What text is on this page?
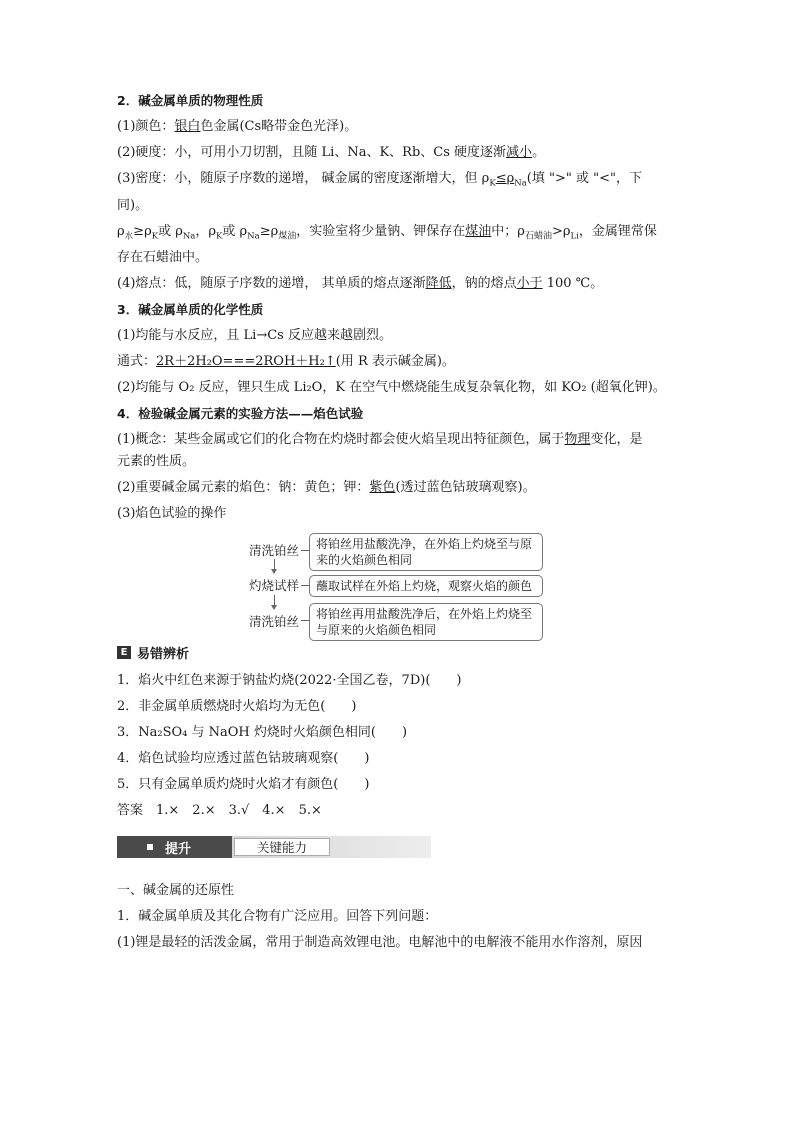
2．碱金属单质的物理性质
(1)颜色：银白色金属(Cs略带金色光泽)。
(2)硬度：小，可用小刀切割，且随 Li、Na、K、Rb、Cs 硬度逐渐减小。
(3)密度：小，随原子序数的递增， 碱金属的密度逐渐增大，但 $\rho_K\le\rho_{Na}$(填 ">" 或 "<"，下
同)。
$\rho_水\ge\rho_K$或 $\rho_{Na}$，$\rho_K$或 $\rho_{Na}\ge\rho_{煤油}$，实验室将少量钠、钾保存在煤油中；$\rho_{石蜡油}>\rho_{Li}$，金属锂常保
存在石蜡油中。
(4)熔点：低，随原子序数的递增， 其单质的熔点逐渐降低，钠的熔点小于 100 ℃。
3．碱金属单质的化学性质
(1)均能与水反应，且 Li→Cs 反应越来越剧烈。
通式：2R＋2H₂O===2ROH＋H₂↑(用 R 表示碱金属)。
(2)均能与 O₂ 反应，锂只生成 Li₂O，K 在空气中燃烧能生成复杂氧化物，如 KO₂ (超氧化钾)。
4．检验碱金属元素的实验方法——焰色试验
(1)概念：某些金属或它们的化合物在灼烧时都会使火焰呈现出特征颜色，属于物理变化，是
元素的性质。
(2)重要碱金属元素的焰色：钠：黄色；钾：紫色(透过蓝色钴玻璃观察)。
(3)焰色试验的操作
清洗铂丝	将铂丝用盐酸洗净，在外焰上灼烧至与原来的火焰颜色相同
灼烧试样	蘸取试样在外焰上灼烧，观察火焰的颜色
清洗铂丝	将铂丝再用盐酸洗净后，在外焰上灼烧至与原来的火焰颜色相同
E 易错辨析
1．焰火中红色来源于钠盐灼烧(2022·全国乙卷，7D)(　　)
2．非金属单质燃烧时火焰均为无色(　　)
3．Na₂SO₄ 与 NaOH 灼烧时火焰颜色相同(　　)
4．焰色试验均应透过蓝色钴玻璃观察(　　)
5．只有金属单质灼烧时火焰才有颜色(　　)
答案　1.×　2.×　3.√　4.×　5.×
提升	关键能力
一、碱金属的还原性
1．碱金属单质及其化合物有广泛应用。回答下列问题：
(1)锂是最轻的活泼金属，常用于制造高效锂电池。电解池中的电解液不能用水作溶剂，原因
